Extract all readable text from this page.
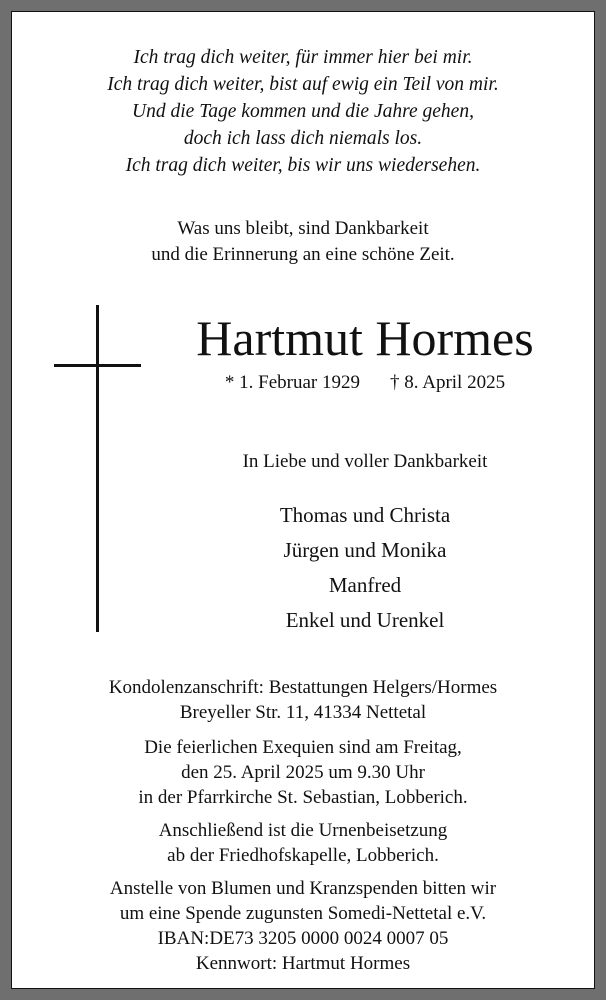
Ich trag dich weiter, für immer hier bei mir.
Ich trag dich weiter, bist auf ewig ein Teil von mir.
Und die Tage kommen und die Jahre gehen,
doch ich lass dich niemals los.
Ich trag dich weiter, bis wir uns wiedersehen.
Was uns bleibt, sind Dankbarkeit
und die Erinnerung an eine schöne Zeit.
Hartmut Hormes
* 1. Februar 1929 † 8. April 2025
In Liebe und voller Dankbarkeit
Thomas und Christa
Jürgen und Monika
Manfred
Enkel und Urenkel
Kondolenzanschrift: Bestattungen Helgers/Hormes
Breyeller Str. 11, 41334 Nettetal
Die feierlichen Exequien sind am Freitag,
den 25. April 2025 um 9.30 Uhr
in der Pfarrkirche St. Sebastian, Lobberich.
Anschließend ist die Urnenbeisetzung
ab der Friedhofskapelle, Lobberich.
Anstelle von Blumen und Kranzspenden bitten wir
um eine Spende zugunsten Somedi-Nettetal e.V.
IBAN:DE73 3205 0000 0024 0007 05
Kennwort: Hartmut Hormes
